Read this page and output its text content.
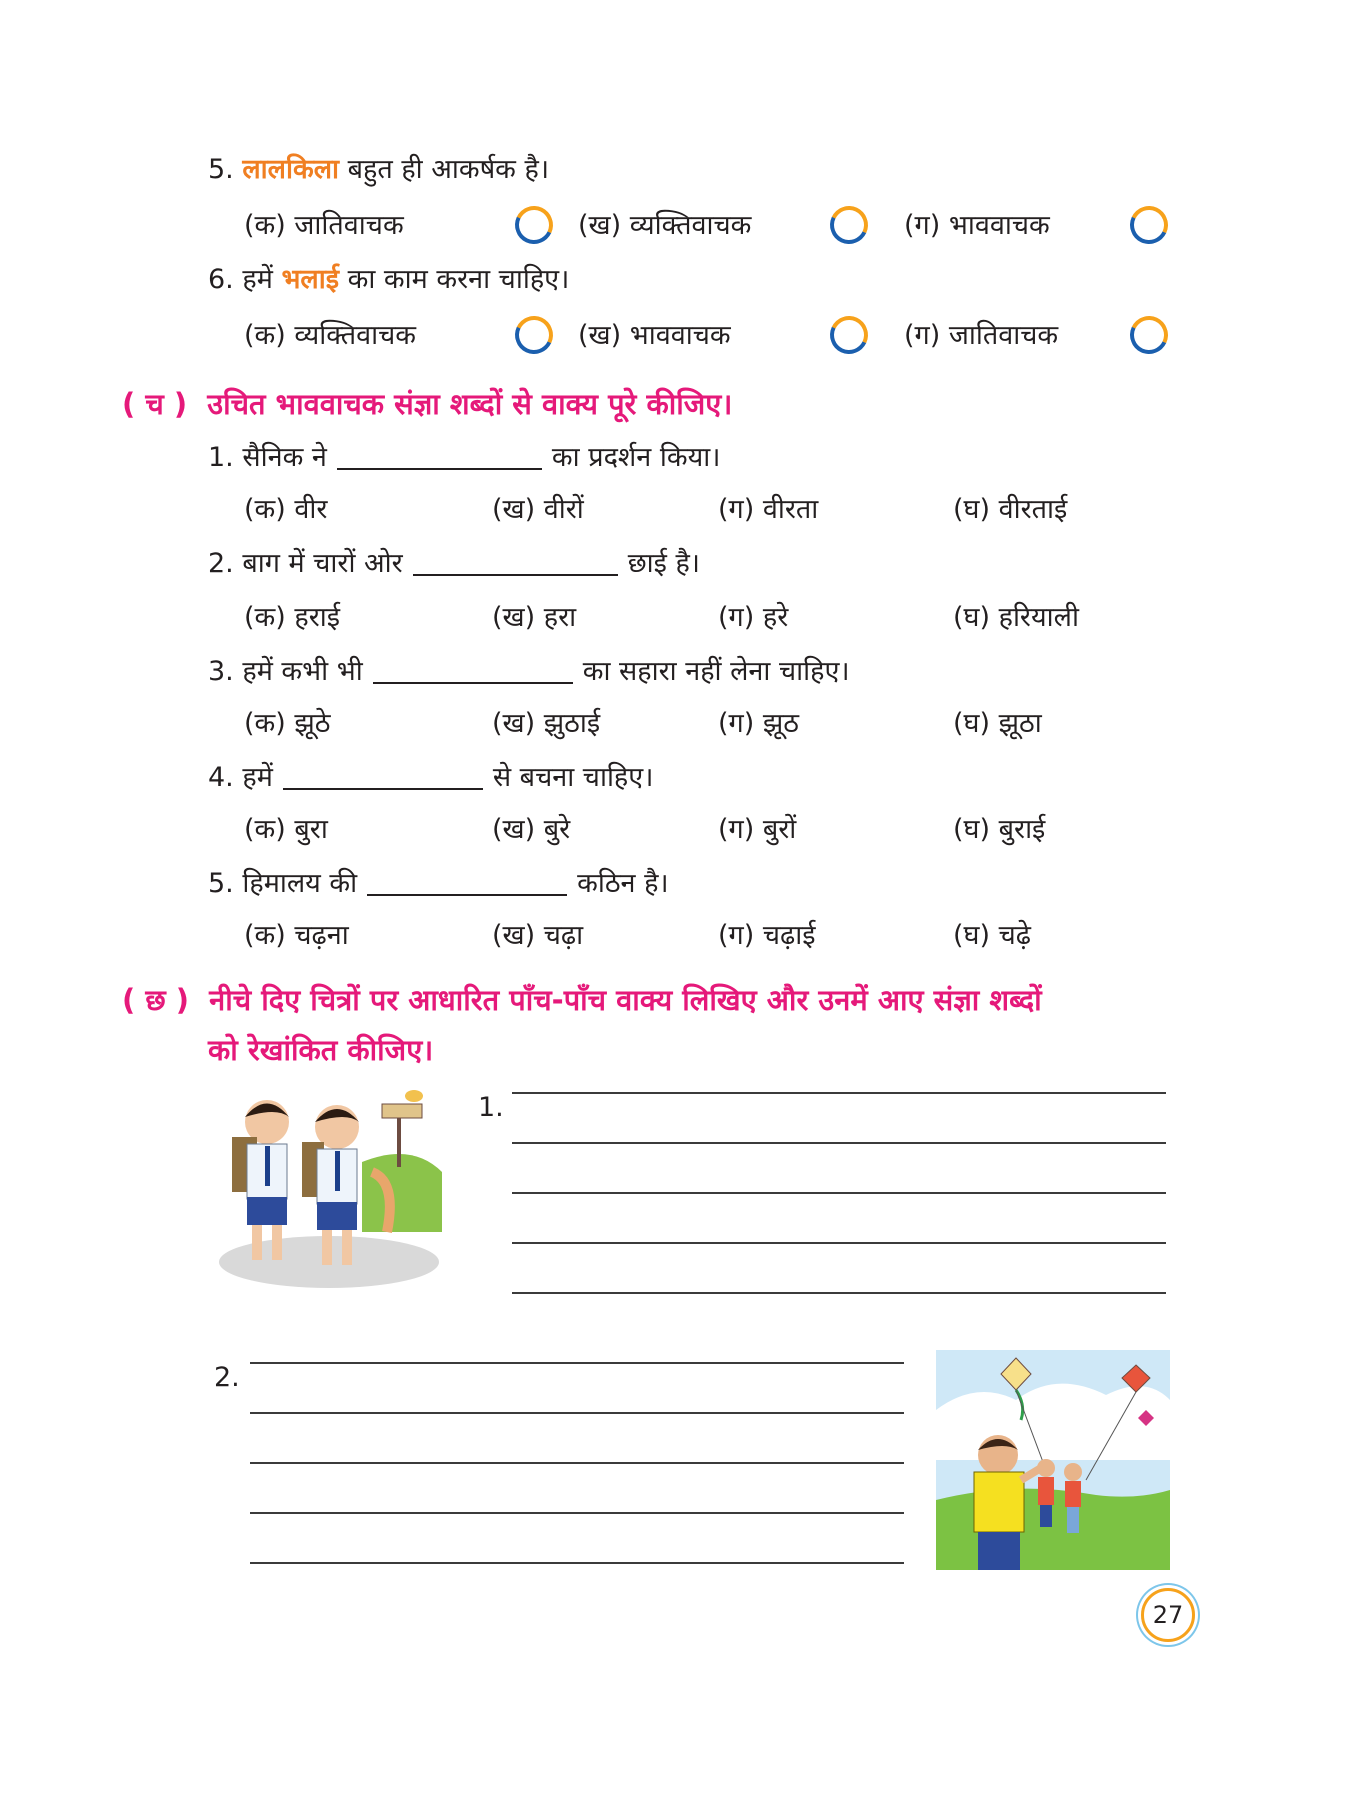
5. लालकिला बहुत ही आकर्षक है।
(क) जातिवाचक	(ख) व्यक्तिवाचक	(ग) भाववाचक
6. हमें भलाई का काम करना चाहिए।
(क) व्यक्तिवाचक	(ख) भाववाचक	(ग) जातिवाचक
( च ) उचित भाववाचक संज्ञा शब्दों से वाक्य पूरे कीजिए।
1. सैनिक ने	का प्रदर्शन किया।
(क) वीर	(ख) वीरों	(ग) वीरता	(घ) वीरताई
2. बाग में चारों ओर	छाई है।
(क) हराई	(ख) हरा	(ग) हरे	(घ) हरियाली
3. हमें कभी भी	का सहारा नहीं लेना चाहिए।
(क) झूठे	(ख) झुठाई	(ग) झूठ	(घ) झूठा
4. हमें	से बचना चाहिए।
(क) बुरा	(ख) बुरे	(ग) बुरों	(घ) बुराई
5. हिमालय की	कठिन है।
(क) चढ़ना	(ख) चढ़ा	(ग) चढ़ाई	(घ) चढ़े
( छ ) नीचे दिए चित्रों पर आधारित पाँच-पाँच वाक्य लिखिए और उनमें आए संज्ञा शब्दों
को रेखांकित कीजिए।
1.
2.
27
